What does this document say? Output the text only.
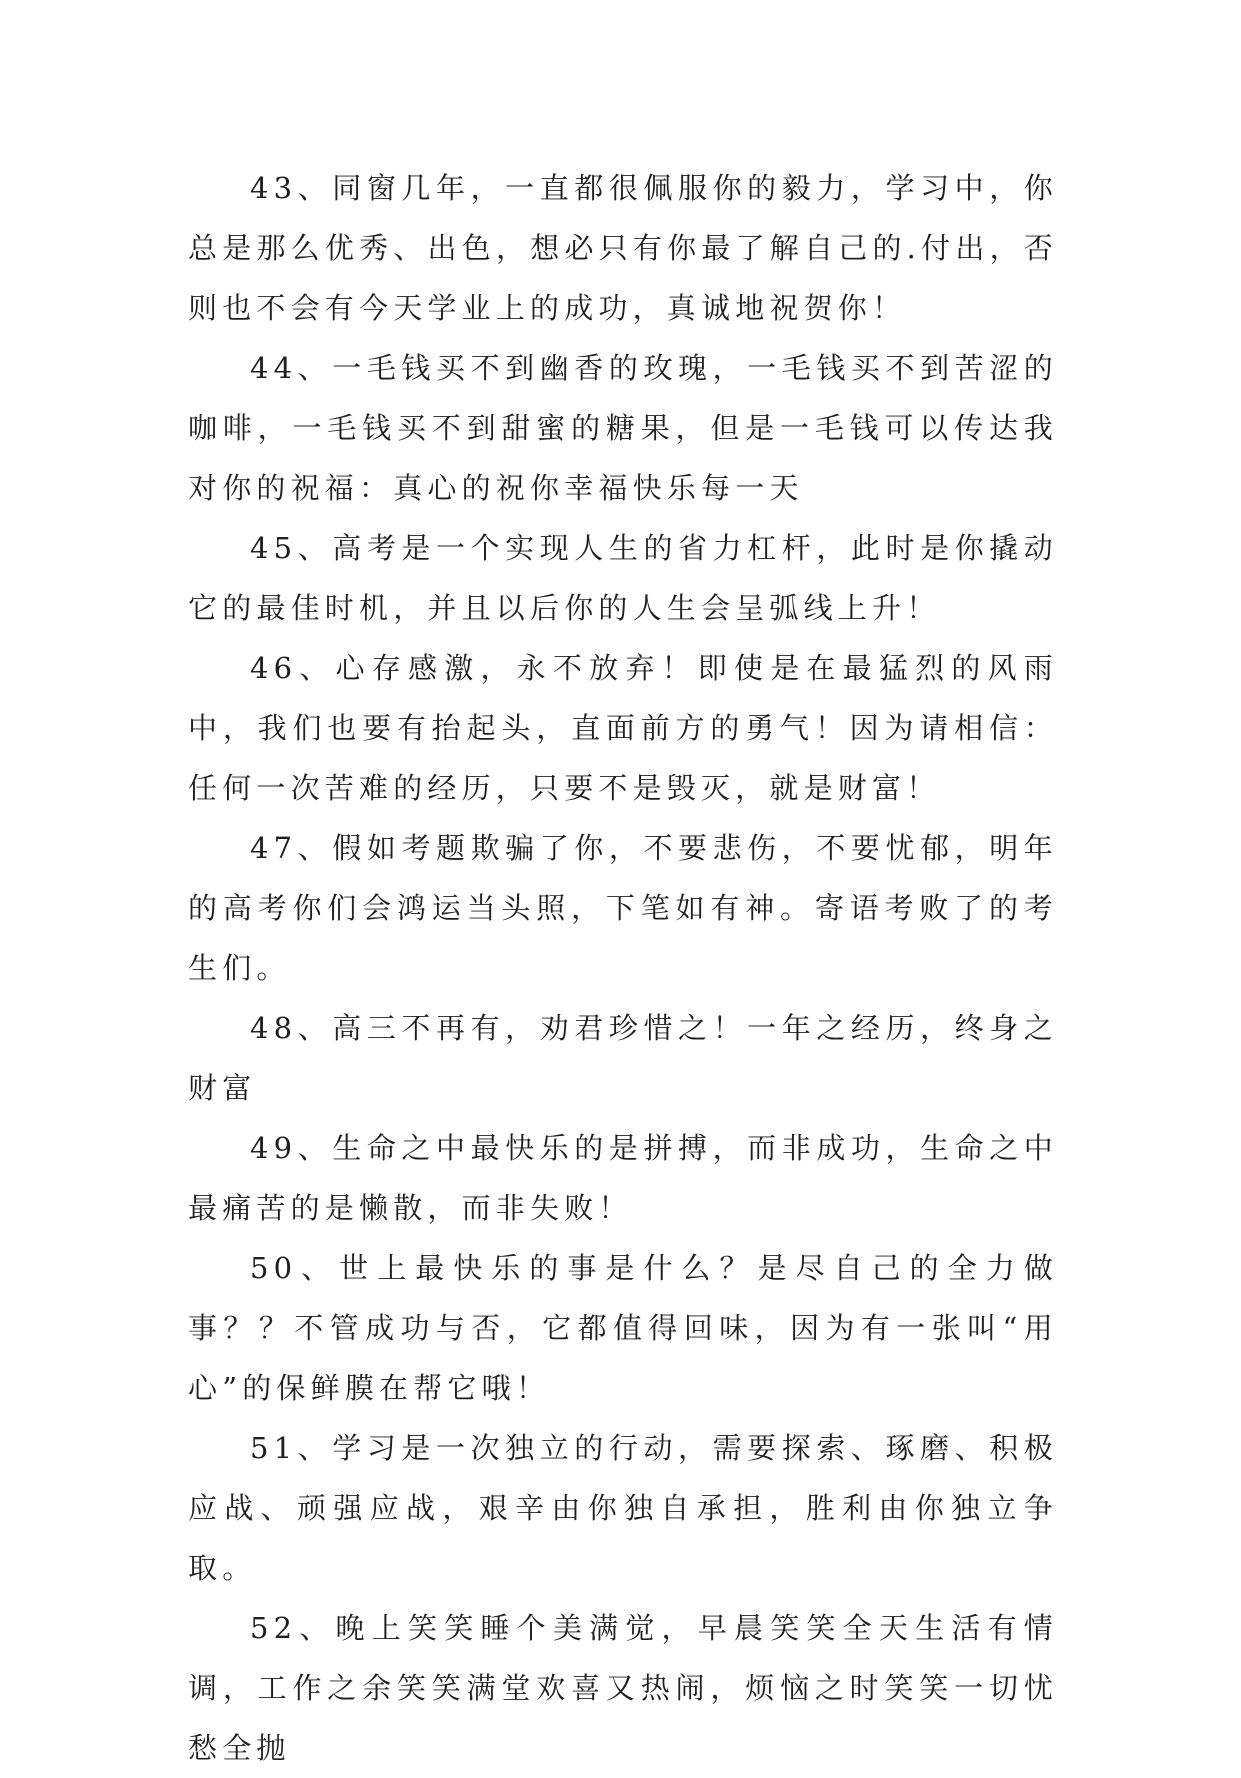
43、同窗几年，一直都很佩服你的毅力，学习中，你总是那么优秀、出色，想必只有你最了解自己的.付出，否则也不会有今天学业上的成功，真诚地祝贺你！

44、一毛钱买不到幽香的玫瑰，一毛钱买不到苦涩的咖啡，一毛钱买不到甜蜜的糖果，但是一毛钱可以传达我对你的祝福：真心的祝你幸福快乐每一天

45、高考是一个实现人生的省力杠杆，此时是你撬动它的最佳时机，并且以后你的人生会呈弧线上升！

46、心存感激，永不放弃！即使是在最猛烈的风雨中，我们也要有抬起头，直面前方的勇气！因为请相信：任何一次苦难的经历，只要不是毁灭，就是财富！

47、假如考题欺骗了你，不要悲伤，不要忧郁，明年的高考你们会鸿运当头照，下笔如有神。寄语考败了的考生们。

48、高三不再有，劝君珍惜之！一年之经历，终身之财富

49、生命之中最快乐的是拼搏，而非成功，生命之中最痛苦的是懒散，而非失败！

50、世上最快乐的事是什么？是尽自己的全力做事？？不管成功与否，它都值得回味，因为有一张叫“用心”的保鲜膜在帮它哦！

51、学习是一次独立的行动，需要探索、琢磨、积极应战、顽强应战，艰辛由你独自承担，胜利由你独立争取。

52、晚上笑笑睡个美满觉，早晨笑笑全天生活有情调，工作之余笑笑满堂欢喜又热闹，烦恼之时笑笑一切忧愁全抛
